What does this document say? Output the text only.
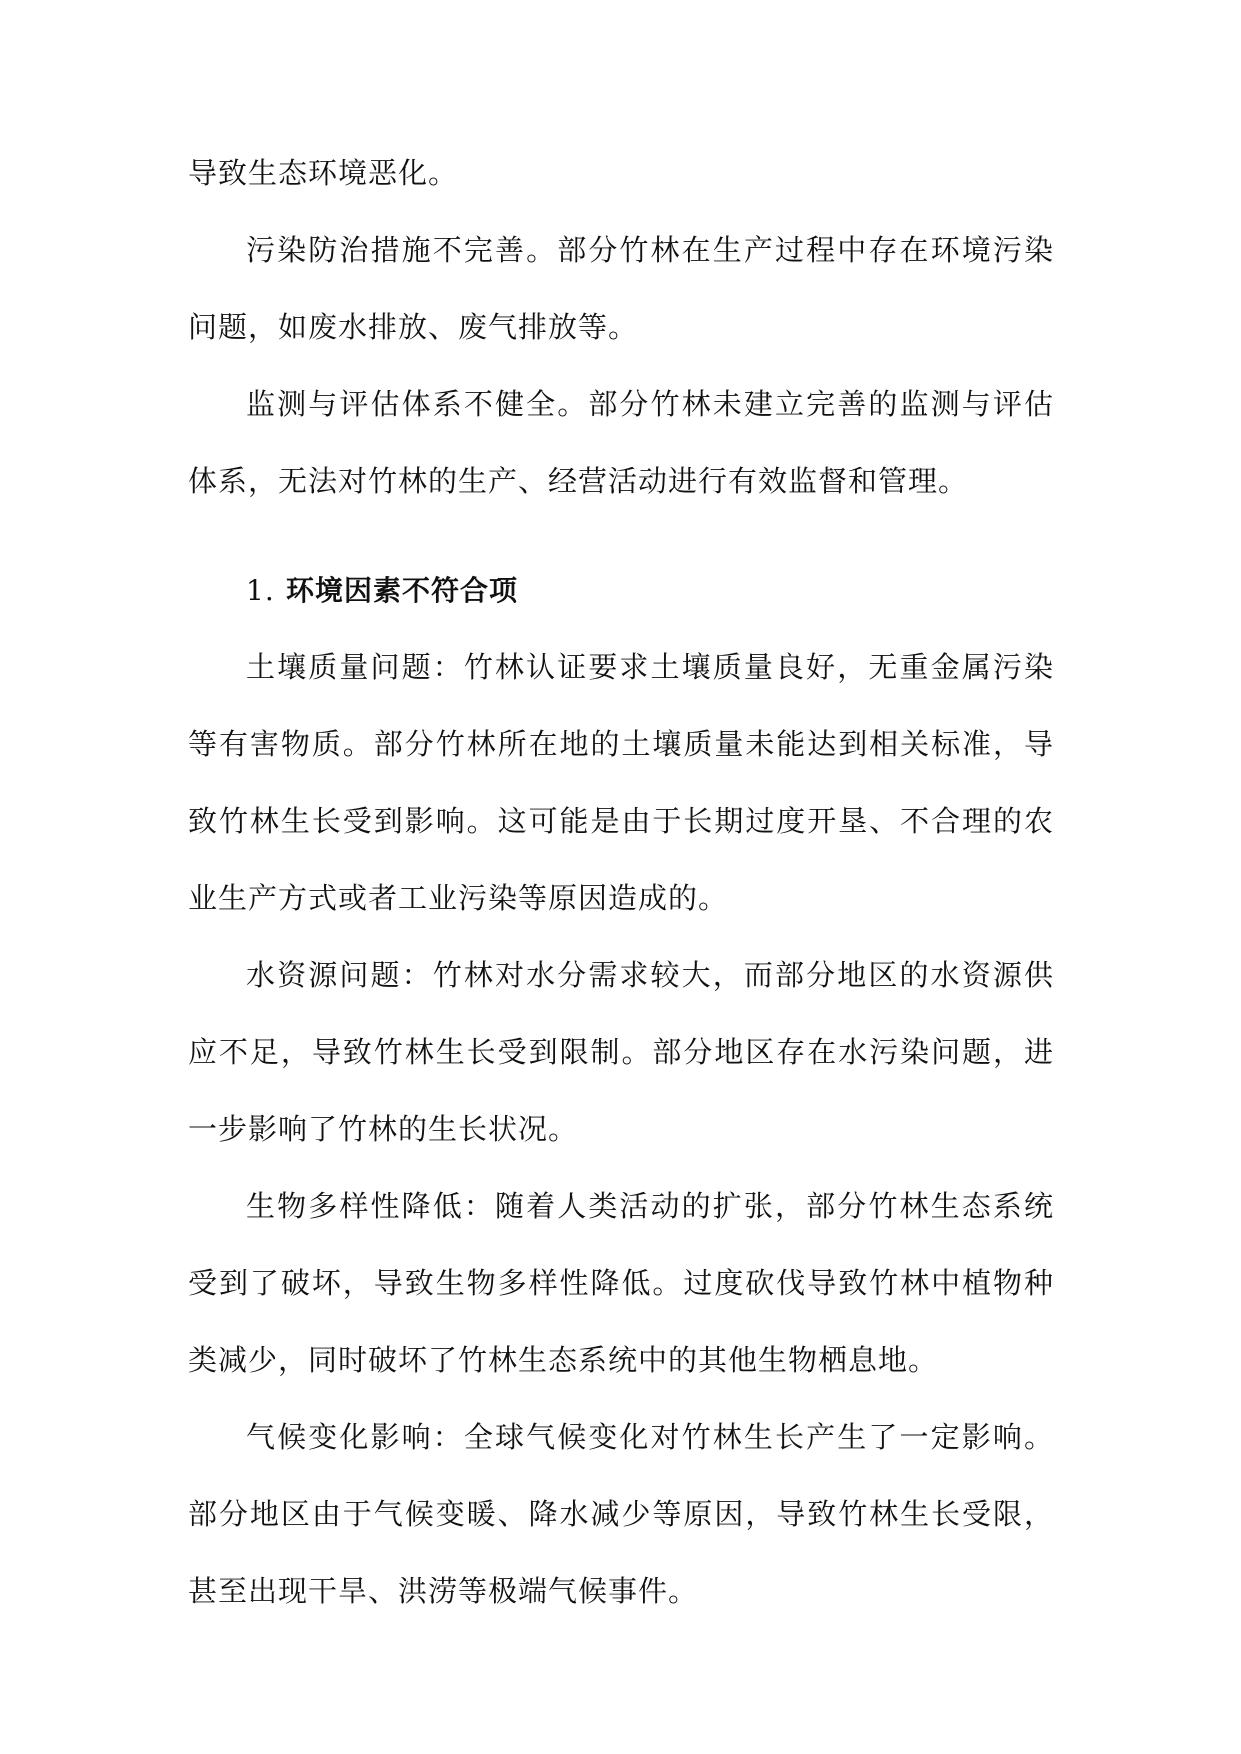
导致生态环境恶化。

污染防治措施不完善。部分竹林在生产过程中存在环境污染问题，如废水排放、废气排放等。

监测与评估体系不健全。部分竹林未建立完善的监测与评估体系，无法对竹林的生产、经营活动进行有效监督和管理。

1. 环境因素不符合项

土壤质量问题：竹林认证要求土壤质量良好，无重金属污染等有害物质。部分竹林所在地的土壤质量未能达到相关标准，导致竹林生长受到影响。这可能是由于长期过度开垦、不合理的农业生产方式或者工业污染等原因造成的。

水资源问题：竹林对水分需求较大，而部分地区的水资源供应不足，导致竹林生长受到限制。部分地区存在水污染问题，进一步影响了竹林的生长状况。

生物多样性降低：随着人类活动的扩张，部分竹林生态系统受到了破坏，导致生物多样性降低。过度砍伐导致竹林中植物种类减少，同时破坏了竹林生态系统中的其他生物栖息地。

气候变化影响：全球气候变化对竹林生长产生了一定影响。部分地区由于气候变暖、降水减少等原因，导致竹林生长受限，甚至出现干旱、洪涝等极端气候事件。
